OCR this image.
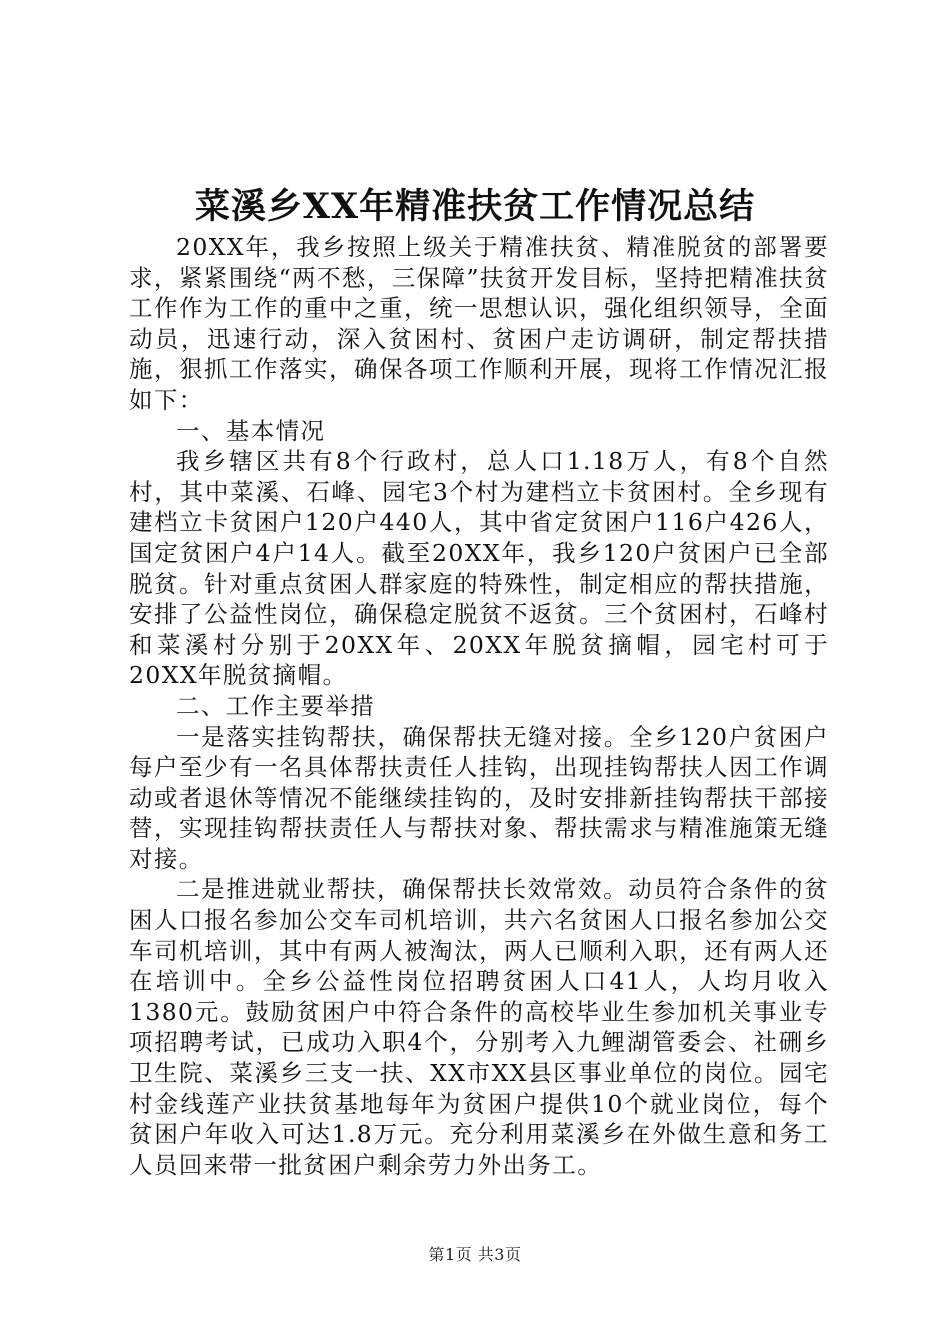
菜溪乡XX年精准扶贫工作情况总结

20XX年，我乡按照上级关于精准扶贫、精准脱贫的部署要求，紧紧围绕“两不愁，三保障”扶贫开发目标，坚持把精准扶贫工作作为工作的重中之重，统一思想认识，强化组织领导，全面动员，迅速行动，深入贫困村、贫困户走访调研，制定帮扶措施，狠抓工作落实，确保各项工作顺利开展，现将工作情况汇报如下：

一、基本情况

我乡辖区共有8个行政村，总人口1.18万人，有8个自然村，其中菜溪、石峰、园宅3个村为建档立卡贫困村。全乡现有建档立卡贫困户120户440人，其中省定贫困户116户426人，国定贫困户4户14人。截至20XX年，我乡120户贫困户已全部脱贫。针对重点贫困人群家庭的特殊性，制定相应的帮扶措施，安排了公益性岗位，确保稳定脱贫不返贫。三个贫困村，石峰村和菜溪村分别于20XX年、20XX年脱贫摘帽，园宅村可于20XX年脱贫摘帽。

二、工作主要举措

一是落实挂钩帮扶，确保帮扶无缝对接。全乡120户贫困户每户至少有一名具体帮扶责任人挂钩，出现挂钩帮扶人因工作调动或者退休等情况不能继续挂钩的，及时安排新挂钩帮扶干部接替，实现挂钩帮扶责任人与帮扶对象、帮扶需求与精准施策无缝对接。

二是推进就业帮扶，确保帮扶长效常效。动员符合条件的贫困人口报名参加公交车司机培训，共六名贫困人口报名参加公交车司机培训，其中有两人被淘汰，两人已顺利入职，还有两人还在培训中。全乡公益性岗位招聘贫困人口41人，人均月收入1380元。鼓励贫困户中符合条件的高校毕业生参加机关事业专项招聘考试，已成功入职4个，分别考入九鲤湖管委会、社硎乡卫生院、菜溪乡三支一扶、XX市XX县区事业单位的岗位。园宅村金线莲产业扶贫基地每年为贫困户提供10个就业岗位，每个贫困户年收入可达1.8万元。充分利用菜溪乡在外做生意和务工人员回来带一批贫困户剩余劳力外出务工。

第1页 共3页
